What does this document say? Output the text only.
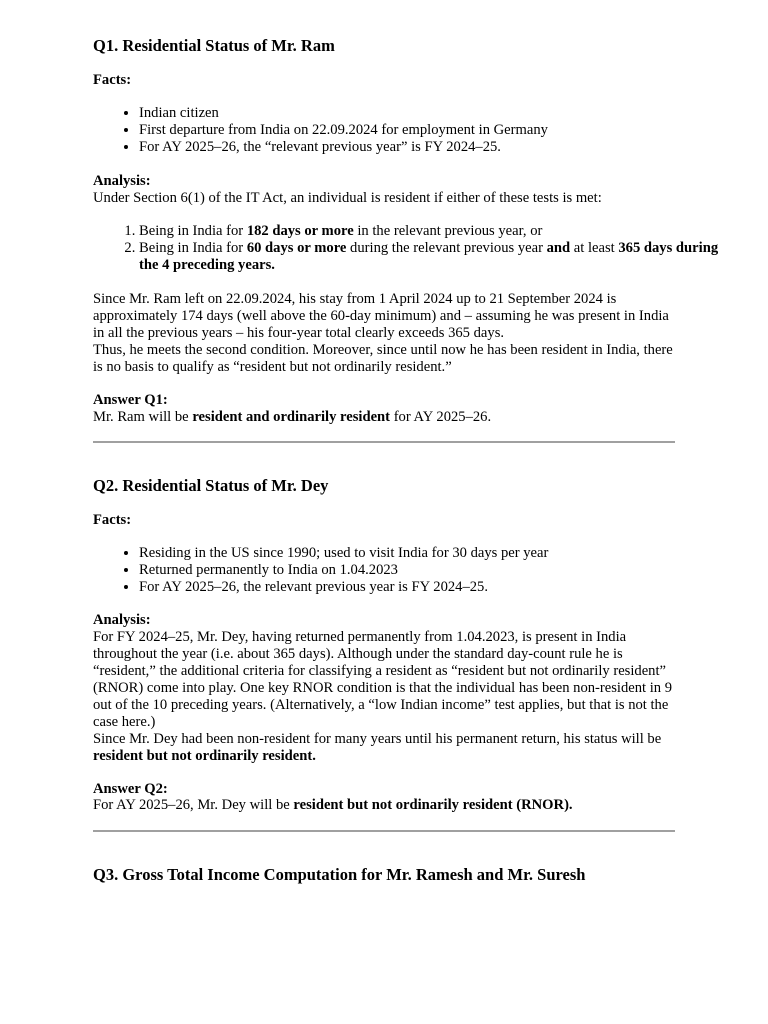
Q1. Residential Status of Mr. Ram

Facts:

• Indian citizen
• First departure from India on 22.09.2024 for employment in Germany
• For AY 2025–26, the “relevant previous year” is FY 2024–25.

Analysis:

Under Section 6(1) of the IT Act, an individual is resident if either of these tests is met:

1. Being in India for 182 days or more in the relevant previous year, or
2. Being in India for 60 days or more during the relevant previous year and at least 365 days during the 4 preceding years.

Since Mr. Ram left on 22.09.2024, his stay from 1 April 2024 up to 21 September 2024 is approximately 174 days (well above the 60-day minimum) and – assuming he was present in India in all the previous years – his four-year total clearly exceeds 365 days.

Thus, he meets the second condition. Moreover, since until now he has been resident in India, there is no basis to qualify as “resident but not ordinarily resident.”

Answer Q1:

Mr. Ram will be resident and ordinarily resident for AY 2025–26.

Q2. Residential Status of Mr. Dey

Facts:

• Residing in the US since 1990; used to visit India for 30 days per year
• Returned permanently to India on 1.04.2023
• For AY 2025–26, the relevant previous year is FY 2024–25.

Analysis:

For FY 2024–25, Mr. Dey, having returned permanently from 1.04.2023, is present in India throughout the year (i.e. about 365 days). Although under the standard day-count rule he is “resident,” the additional criteria for classifying a resident as “resident but not ordinarily resident” (RNOR) come into play. One key RNOR condition is that the individual has been non-resident in 9 out of the 10 preceding years. (Alternatively, a “low Indian income” test applies, but that is not the case here.)

Since Mr. Dey had been non-resident for many years until his permanent return, his status will be resident but not ordinarily resident.

Answer Q2:

For AY 2025–26, Mr. Dey will be resident but not ordinarily resident (RNOR).

Q3. Gross Total Income Computation for Mr. Ramesh and Mr. Suresh
